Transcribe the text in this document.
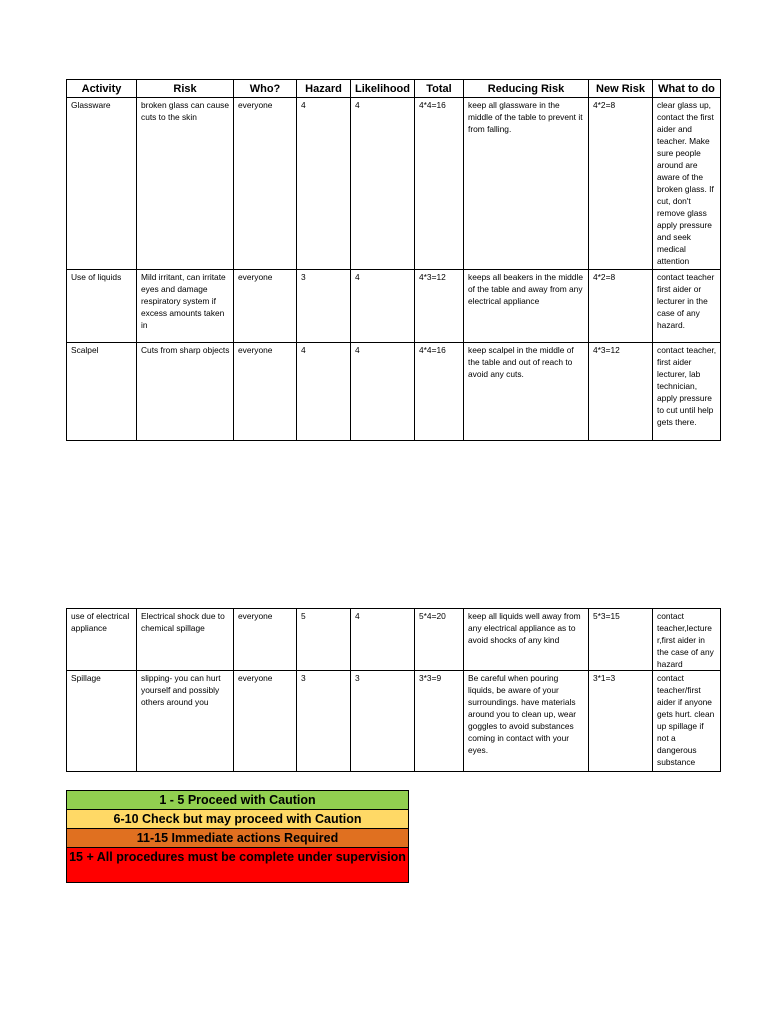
Activity	Risk	Who?	Hazard	Likelihood	Total	Reducing Risk	New Risk	What to do
Glassware	broken glass can cause cuts to the skin	everyone	4	4	4*4=16	keep all glassware in the middle of the table to prevent it from falling.	4*2=8	clear glass up, contact the first aider and teacher. Make sure people around are aware of the broken glass. If cut, don't remove glass apply pressure and seek medical attention
Use of liquids	Mild irritant, can irritate eyes and damage respiratory system if excess amounts taken in	everyone	3	4	4*3=12	keeps all beakers in the middle of the table and away from any electrical appliance	4*2=8	contact teacher first aider or lecturer in the case of any hazard.
Scalpel	Cuts from sharp objects	everyone	4	4	4*4=16	keep scalpel in the middle of the table and out of reach to avoid any cuts.	4*3=12	contact teacher, first aider lecturer, lab technician, apply pressure to cut until help gets there.
use of electrical appliance	Electrical shock due to chemical spillage	everyone	5	4	5*4=20	keep all liquids well away from any electrical appliance as to avoid shocks of any kind	5*3=15	contact teacher,lecture r,first aider in the case of any hazard
Spillage	slipping- you can hurt yourself and possibly others around you	everyone	3	3	3*3=9	Be careful when pouring liquids, be aware of your surroundings. have materials around you to clean up, wear goggles to avoid substances coming in contact with your eyes.	3*1=3	contact teacher/first aider if anyone gets hurt. clean up spillage if not a dangerous substance
1 - 5 Proceed with Caution
6-10 Check but may proceed with Caution
11-15 Immediate actions Required
15 + All procedures must be complete under supervision
